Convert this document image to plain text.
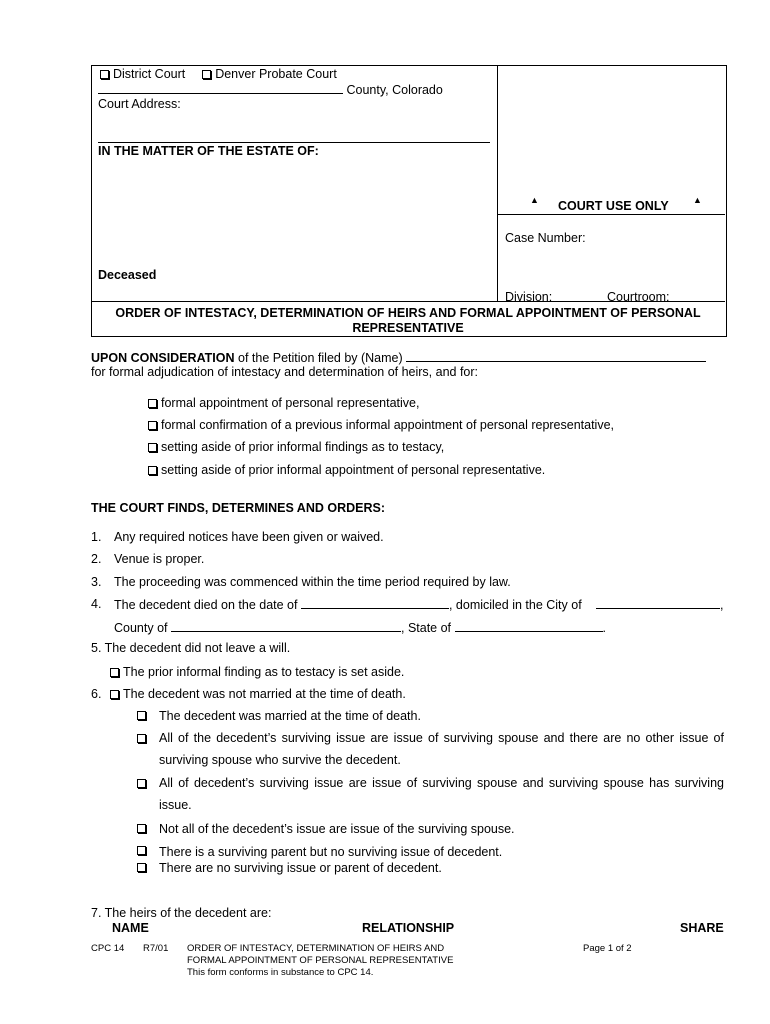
District Court Denver Probate Court
County, Colorado
Court Address:
IN THE MATTER OF THE ESTATE OF:
Deceased
▲ COURT USE ONLY	▲
Case Number:
Division:	Courtroom:
ORDER OF INTESTACY, DETERMINATION OF HEIRS AND FORMAL APPOINTMENT OF PERSONAL
REPRESENTATIVE
UPON CONSIDERATION of the Petition filed by (Name)
for formal adjudication of intestacy and determination of heirs, and for:
formal appointment of personal representative,
formal confirmation of a previous informal appointment of personal representative,
setting aside of prior informal findings as to testacy,
setting aside of prior informal appointment of personal representative.
THE COURT FINDS, DETERMINES AND ORDERS:
1. Any required notices have been given or waived.
2. Venue is proper.
3. The proceeding was commenced within the time period required by law.
4. The decedent died on the date of	, domiciled in the City of	,
County of	, State of	.
5. The decedent did not leave a will.
The prior informal finding as to testacy is set aside.
6.	The decedent was not married at the time of death.
The decedent was married at the time of death.
All of the decedent’s surviving issue are issue of surviving spouse and there are no other issue of surviving spouse who survive the decedent.
All of decedent’s surviving issue are issue of surviving spouse and surviving spouse has surviving issue.
Not all of the decedent’s issue are issue of the surviving spouse.
There is a surviving parent but no surviving issue of decedent.
There are no surviving issue or parent of decedent.
7. The heirs of the decedent are:
NAME	RELATIONSHIP	SHARE
CPC 14 R7/01 ORDER OF INTESTACY, DETERMINATION OF HEIRS AND
FORMAL APPOINTMENT OF PERSONAL REPRESENTATIVE
This form conforms in substance to CPC 14.
Page 1 of 2
